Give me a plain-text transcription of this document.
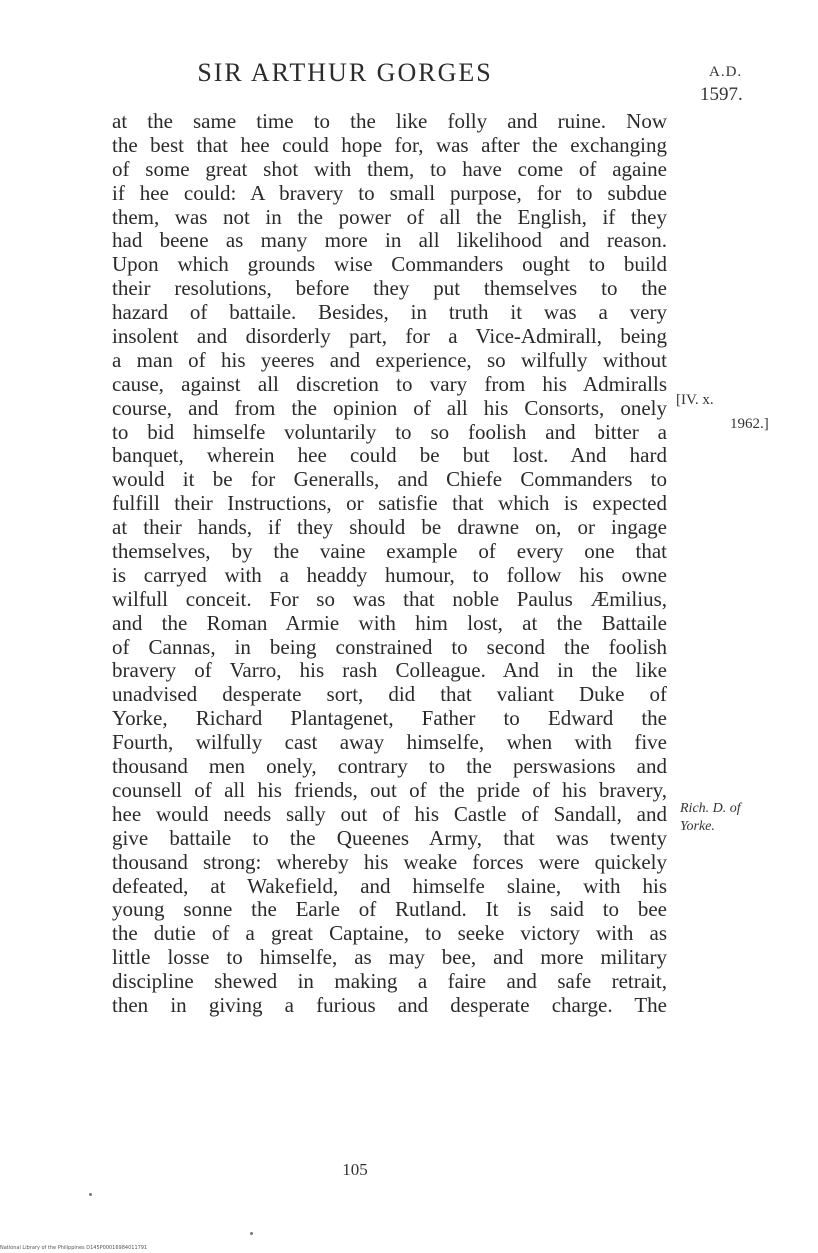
SIR ARTHUR GORGES	A.D.
1597.
at the same time to the like folly and ruine. Now
the best that hee could hope for, was after the exchanging
of some great shot with them, to have come of againe
if hee could: A bravery to small purpose, for to subdue
them, was not in the power of all the English, if they
had beene as many more in all likelihood and reason.
Upon which grounds wise Commanders ought to build
their resolutions, before they put themselves to the
hazard of battaile. Besides, in truth it was a very
insolent and disorderly part, for a Vice-Admirall, being
a man of his yeeres and experience, so wilfully without
cause, against all discretion to vary from his Admiralls
course, and from the opinion of all his Consorts, onely
to bid himselfe voluntarily to so foolish and bitter a
banquet, wherein hee could be but lost. And hard
would it be for Generalls, and Chiefe Commanders to
fulfill their Instructions, or satisfie that which is expected
at their hands, if they should be drawne on, or ingage
themselves, by the vaine example of every one that
is carryed with a headdy humour, to follow his owne
wilfull conceit. For so was that noble Paulus Æmilius,
and the Roman Armie with him lost, at the Battaile
of Cannas, in being constrained to second the foolish
bravery of Varro, his rash Colleague. And in the like
unadvised desperate sort, did that valiant Duke of
Yorke, Richard Plantagenet, Father to Edward the
Fourth, wilfully cast away himselfe, when with five
thousand men onely, contrary to the perswasions and
counsell of all his friends, out of the pride of his bravery,
hee would needs sally out of his Castle of Sandall, and
give battaile to the Queenes Army, that was twenty
thousand strong: whereby his weake forces were quickely
defeated, at Wakefield, and himselfe slaine, with his
young sonne the Earle of Rutland. It is said to bee
the dutie of a great Captaine, to seeke victory with as
little losse to himselfe, as may bee, and more military
discipline shewed in making a faire and safe retrait,
then in giving a furious and desperate charge. The
[IV. x.
1962.]
Rich. D. of
Yorke.
105
National Library of the Philippines D145P00016984011791
